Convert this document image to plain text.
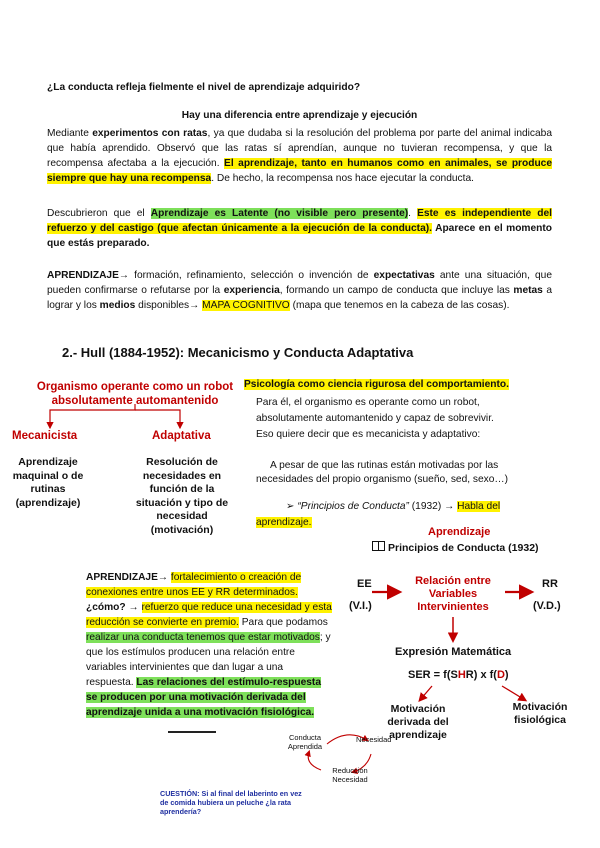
¿La conducta refleja fielmente el nivel de aprendizaje adquirido?
Hay una diferencia entre aprendizaje y ejecución
Mediante experimentos con ratas, ya que dudaba si la resolución del problema por parte del animal indicaba que había aprendido. Observó que las ratas sí aprendían, aunque no tuvieran recompensa, y que la recompensa afectaba a la ejecución. El aprendizaje, tanto en humanos como en animales, se produce siempre que hay una recompensa. De hecho, la recompensa nos hace ejecutar la conducta.
Descubrieron que el Aprendizaje es Latente (no visible pero presente). Este es independiente del refuerzo y del castigo (que afectan únicamente a la ejecución de la conducta). Aparece en el momento que estás preparado.
APRENDIZAJE→ formación, refinamiento, selección o invención de expectativas ante una situación, que pueden confirmarse o refutarse por la experiencia, formando un campo de conducta que incluye las metas a lograr y los medios disponibles→ MAPA COGNITIVO (mapa que tenemos en la cabeza de las cosas).
2.- Hull (1884-1952): Mecanicismo y Conducta Adaptativa
Organismo operante como un robot
absolutamente automantenido
Mecanicista	Adaptativa
Aprendizaje
maquinal o de
rutinas
(aprendizaje)
Resolución de
necesidades en
función de la
situación y tipo de
necesidad
(motivación)
Psicología como ciencia rigurosa del comportamiento.
Para él, el organismo es operante como un robot,
absolutamente automantenido y capaz de sobrevivir.
Eso quiere decir que es mecanicista y adaptativo:
A pesar de que las rutinas están motivadas por las
necesidades del propio organismo (sueño, sed, sexo…)
➢ “Principios de Conducta” (1932) → Habla del aprendizaje.
Aprendizaje
Principios de Conducta (1932)
EE
(V.I.)
Relación entre
Variables
Intervinientes
RR
(V.D.)
Expresión Matemática
SER = f(SHR) x f(D)
Motivación
derivada del
aprendizaje
Motivación
fisiológica
APRENDIZAJE→ fortalecimiento o creación de conexiones entre unos EE y RR determinados. ¿cómo? → refuerzo que reduce una necesidad y esta reducción se convierte en premio. Para que podamos realizar una conducta tenemos que estar motivados; y que los estímulos producen una relación entre variables intervinientes que dan lugar a una respuesta. Las relaciones del estímulo-respuesta se producen por una motivación derivada del aprendizaje unida a una motivación fisiológica.
Conducta
Aprendida
Necesidad
Reducción
Necesidad
CUESTIÓN: Si al final del laberinto en vez de comida hubiera un peluche ¿la rata aprendería?
